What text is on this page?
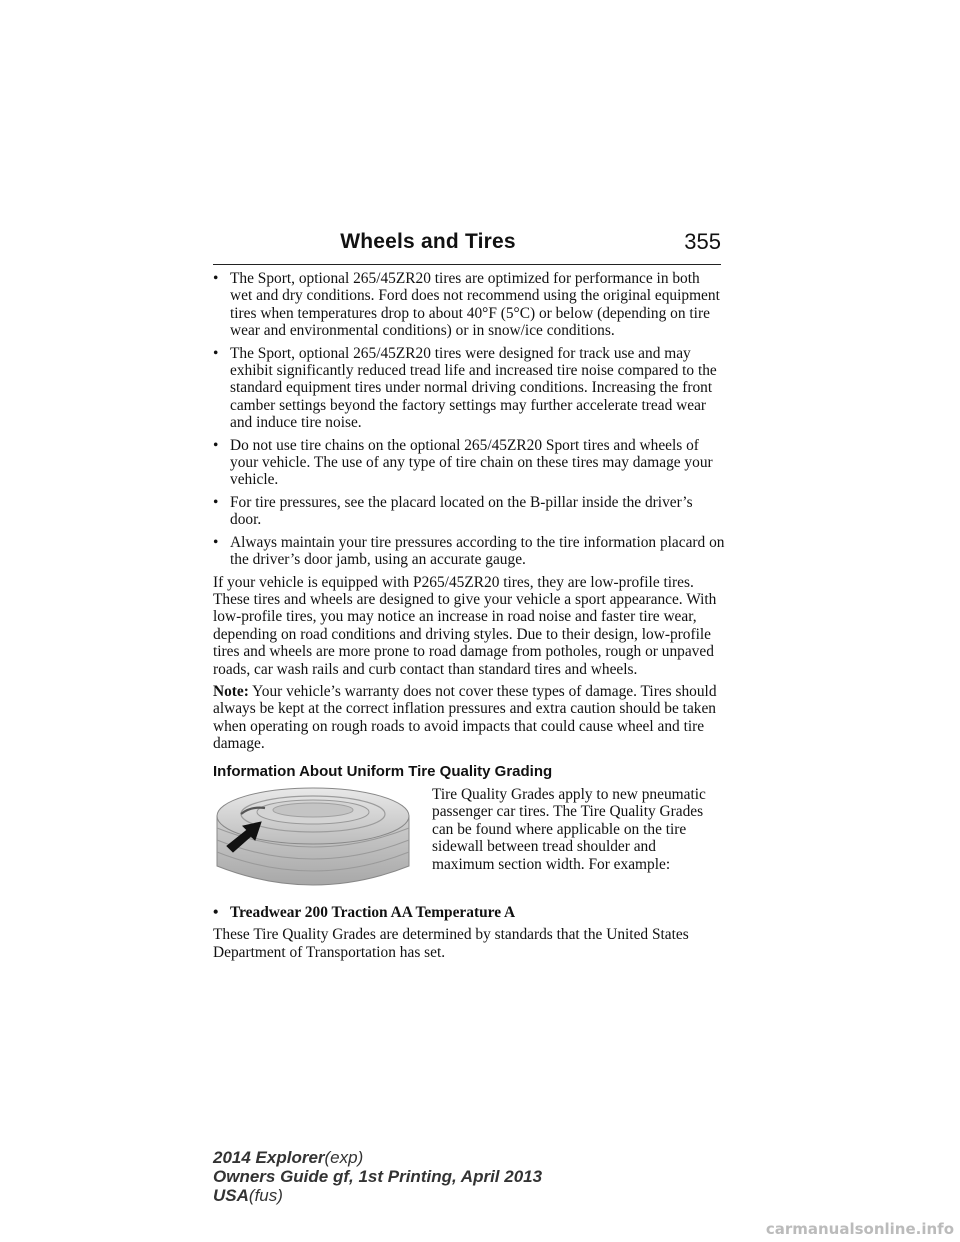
Wheels and Tires	355
• The Sport, optional 265/45ZR20 tires are optimized for performance in both wet and dry conditions. Ford does not recommend using the original equipment tires when temperatures drop to about 40°F (5°C) or below (depending on tire wear and environmental conditions) or in snow/ice conditions.
• The Sport, optional 265/45ZR20 tires were designed for track use and may exhibit significantly reduced tread life and increased tire noise compared to the standard equipment tires under normal driving conditions. Increasing the front camber settings beyond the factory settings may further accelerate tread wear and induce tire noise.
• Do not use tire chains on the optional 265/45ZR20 Sport tires and wheels of your vehicle. The use of any type of tire chain on these tires may damage your vehicle.
• For tire pressures, see the placard located on the B-pillar inside the driver’s door.
• Always maintain your tire pressures according to the tire information placard on the driver’s door jamb, using an accurate gauge.

If your vehicle is equipped with P265/45ZR20 tires, they are low-profile tires. These tires and wheels are designed to give your vehicle a sport appearance. With low-profile tires, you may notice an increase in road noise and faster tire wear, depending on road conditions and driving styles. Due to their design, low-profile tires and wheels are more prone to road damage from potholes, rough or unpaved roads, car wash rails and curb contact than standard tires and wheels.

Note: Your vehicle’s warranty does not cover these types of damage. Tires should always be kept at the correct inflation pressures and extra caution should be taken when operating on rough roads to avoid impacts that could cause wheel and tire damage.

Information About Uniform Tire Quality Grading
Tire Quality Grades apply to new pneumatic passenger car tires. The Tire Quality Grades can be found where applicable on the tire sidewall between tread shoulder and maximum section width. For example:
• Treadwear 200 Traction AA Temperature A

These Tire Quality Grades are determined by standards that the United States Department of Transportation has set.

2014 Explorer(exp)
Owners Guide gf, 1st Printing, April 2013
USA(fus)
carmanualsonline.info
